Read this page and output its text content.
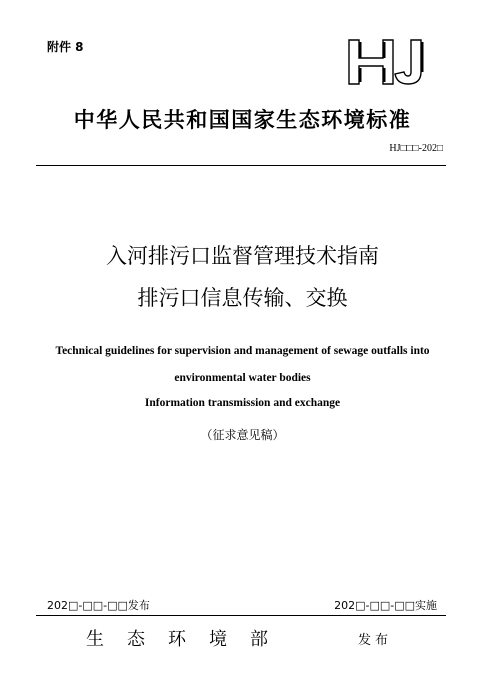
附件 8
HJ
中华人民共和国国家生态环境标准
HJ□□□-202□
入河排污口监督管理技术指南
排污口信息传输、交换
Technical guidelines for supervision and management of sewage outfalls into
environmental water bodies
Information transmission and exchange
（征求意见稿）
202□-□□-□□发布	202□-□□-□□实施
生态环境部	发布
